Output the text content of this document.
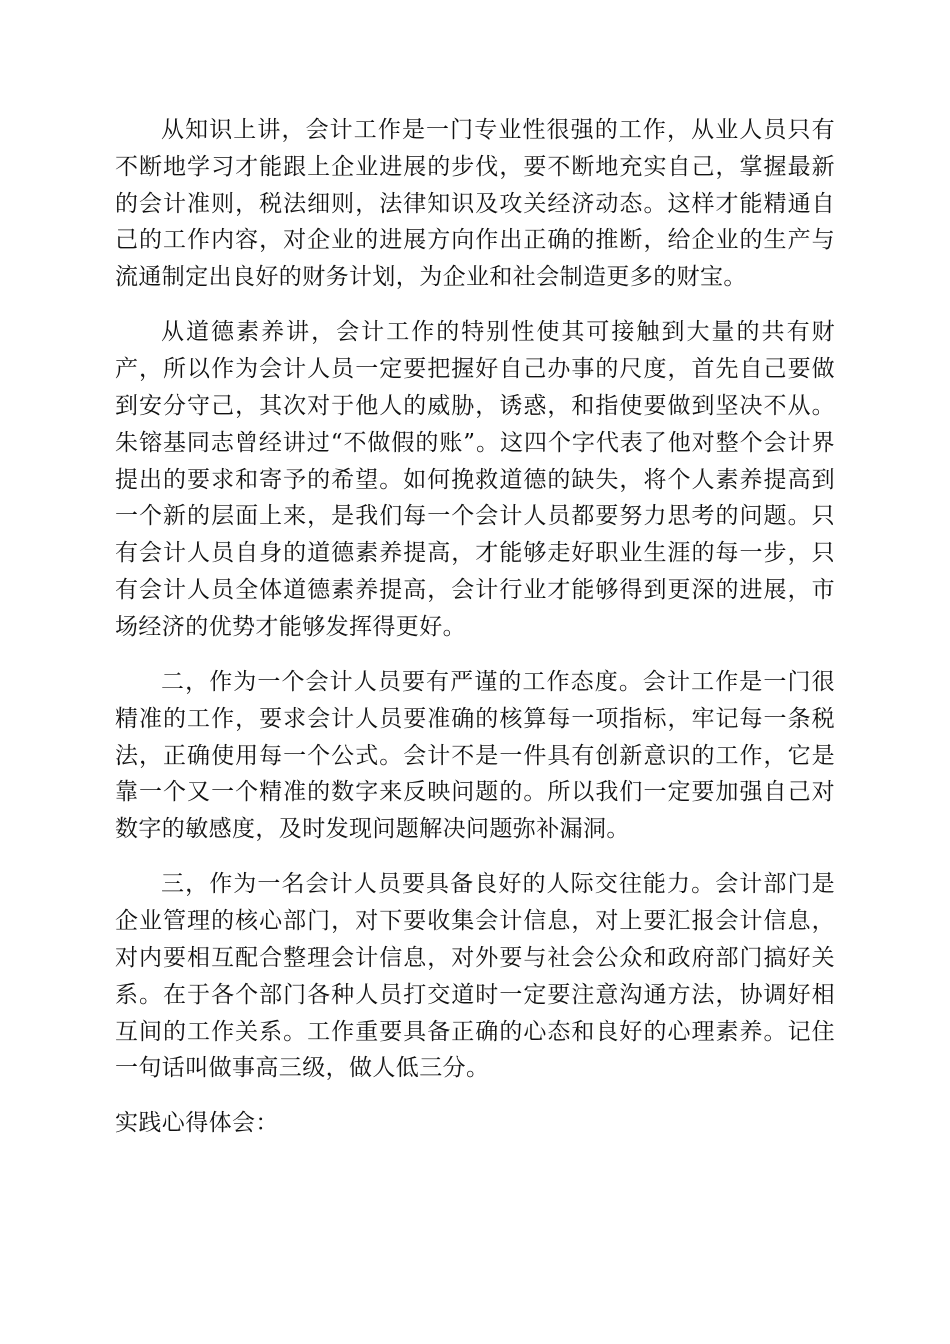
从知识上讲，会计工作是一门专业性很强的工作，从业人员只有不断地学习才能跟上企业进展的步伐，要不断地充实自己，掌握最新的会计准则，税法细则，法律知识及攻关经济动态。这样才能精通自己的工作内容，对企业的进展方向作出正确的推断，给企业的生产与流通制定出良好的财务计划，为企业和社会制造更多的财宝。

从道德素养讲，会计工作的特别性使其可接触到大量的共有财产，所以作为会计人员一定要把握好自己办事的尺度，首先自己要做到安分守己，其次对于他人的威胁，诱惑，和指使要做到坚决不从。朱镕基同志曾经讲过“不做假的账”。这四个字代表了他对整个会计界提出的要求和寄予的希望。如何挽救道德的缺失，将个人素养提高到一个新的层面上来，是我们每一个会计人员都要努力思考的问题。只有会计人员自身的道德素养提高，才能够走好职业生涯的每一步，只有会计人员全体道德素养提高，会计行业才能够得到更深的进展，市场经济的优势才能够发挥得更好。

二，作为一个会计人员要有严谨的工作态度。会计工作是一门很精准的工作，要求会计人员要准确的核算每一项指标，牢记每一条税法，正确使用每一个公式。会计不是一件具有创新意识的工作，它是靠一个又一个精准的数字来反映问题的。所以我们一定要加强自己对数字的敏感度，及时发现问题解决问题弥补漏洞。

三，作为一名会计人员要具备良好的人际交往能力。会计部门是企业管理的核心部门，对下要收集会计信息，对上要汇报会计信息，对内要相互配合整理会计信息，对外要与社会公众和政府部门搞好关系。在于各个部门各种人员打交道时一定要注意沟通方法，协调好相互间的工作关系。工作重要具备正确的心态和良好的心理素养。记住一句话叫做事高三级，做人低三分。

实践心得体会：
